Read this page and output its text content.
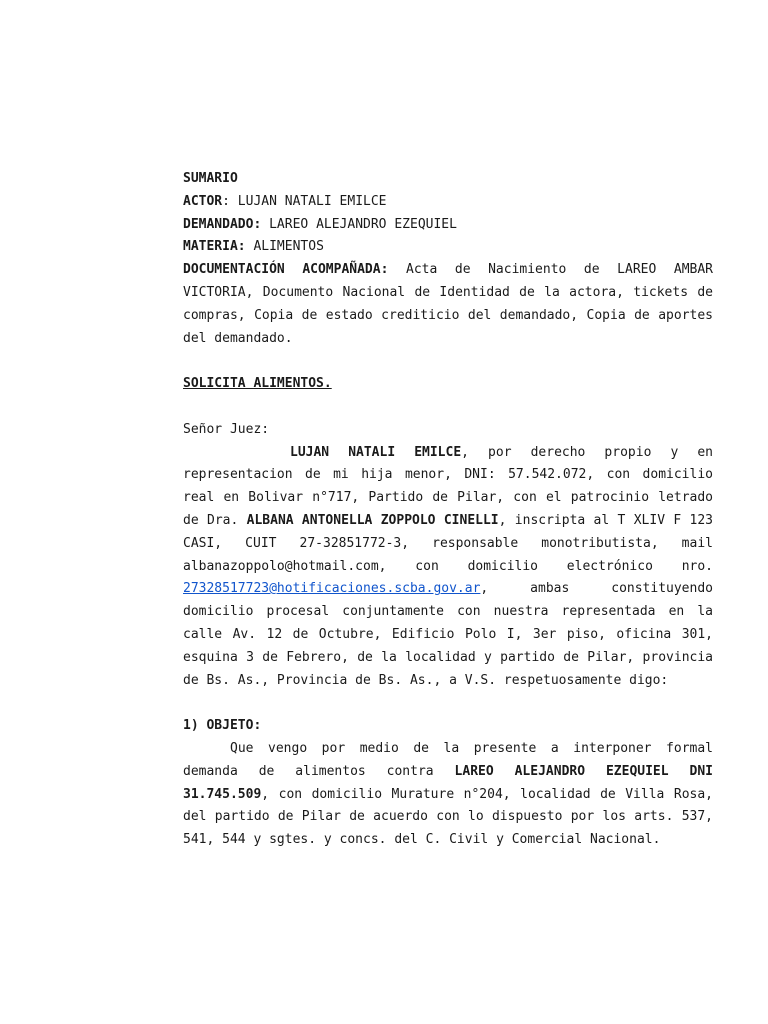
SUMARIO
ACTOR: LUJAN NATALI EMILCE
DEMANDADO: LAREO ALEJANDRO EZEQUIEL
MATERIA: ALIMENTOS
DOCUMENTACIÓN ACOMPAÑADA: Acta de Nacimiento de LAREO AMBAR VICTORIA, Documento Nacional de Identidad de la actora, tickets de compras, Copia de estado crediticio del demandado, Copia de aportes del demandado.
SOLICITA ALIMENTOS.
Señor Juez:
LUJAN NATALI EMILCE, por derecho propio y en representacion de mi hija menor, DNI: 57.542.072, con domicilio real en Bolivar n°717, Partido de Pilar, con el patrocinio letrado de Dra. ALBANA ANTONELLA ZOPPOLO CINELLI, inscripta al T XLIV F 123 CASI, CUIT 27-32851772-3, responsable monotributista, mail albanazoppolo@hotmail.com, con domicilio electrónico nro. 27328517723@hotificaciones.scba.gov.ar, ambas constituyendo domicilio procesal conjuntamente con nuestra representada en la calle Av. 12 de Octubre, Edificio Polo I, 3er piso, oficina 301, esquina 3 de Febrero, de la localidad y partido de Pilar, provincia de Bs. As., Provincia de Bs. As., a V.S. respetuosamente digo:
1) OBJETO:
Que vengo por medio de la presente a interponer formal demanda de alimentos contra LAREO ALEJANDRO EZEQUIEL DNI 31.745.509, con domicilio Murature n°204, localidad de Villa Rosa, del partido de Pilar de acuerdo con lo dispuesto por los arts. 537, 541, 544 y sgtes. y concs. del C. Civil y Comercial Nacional.
